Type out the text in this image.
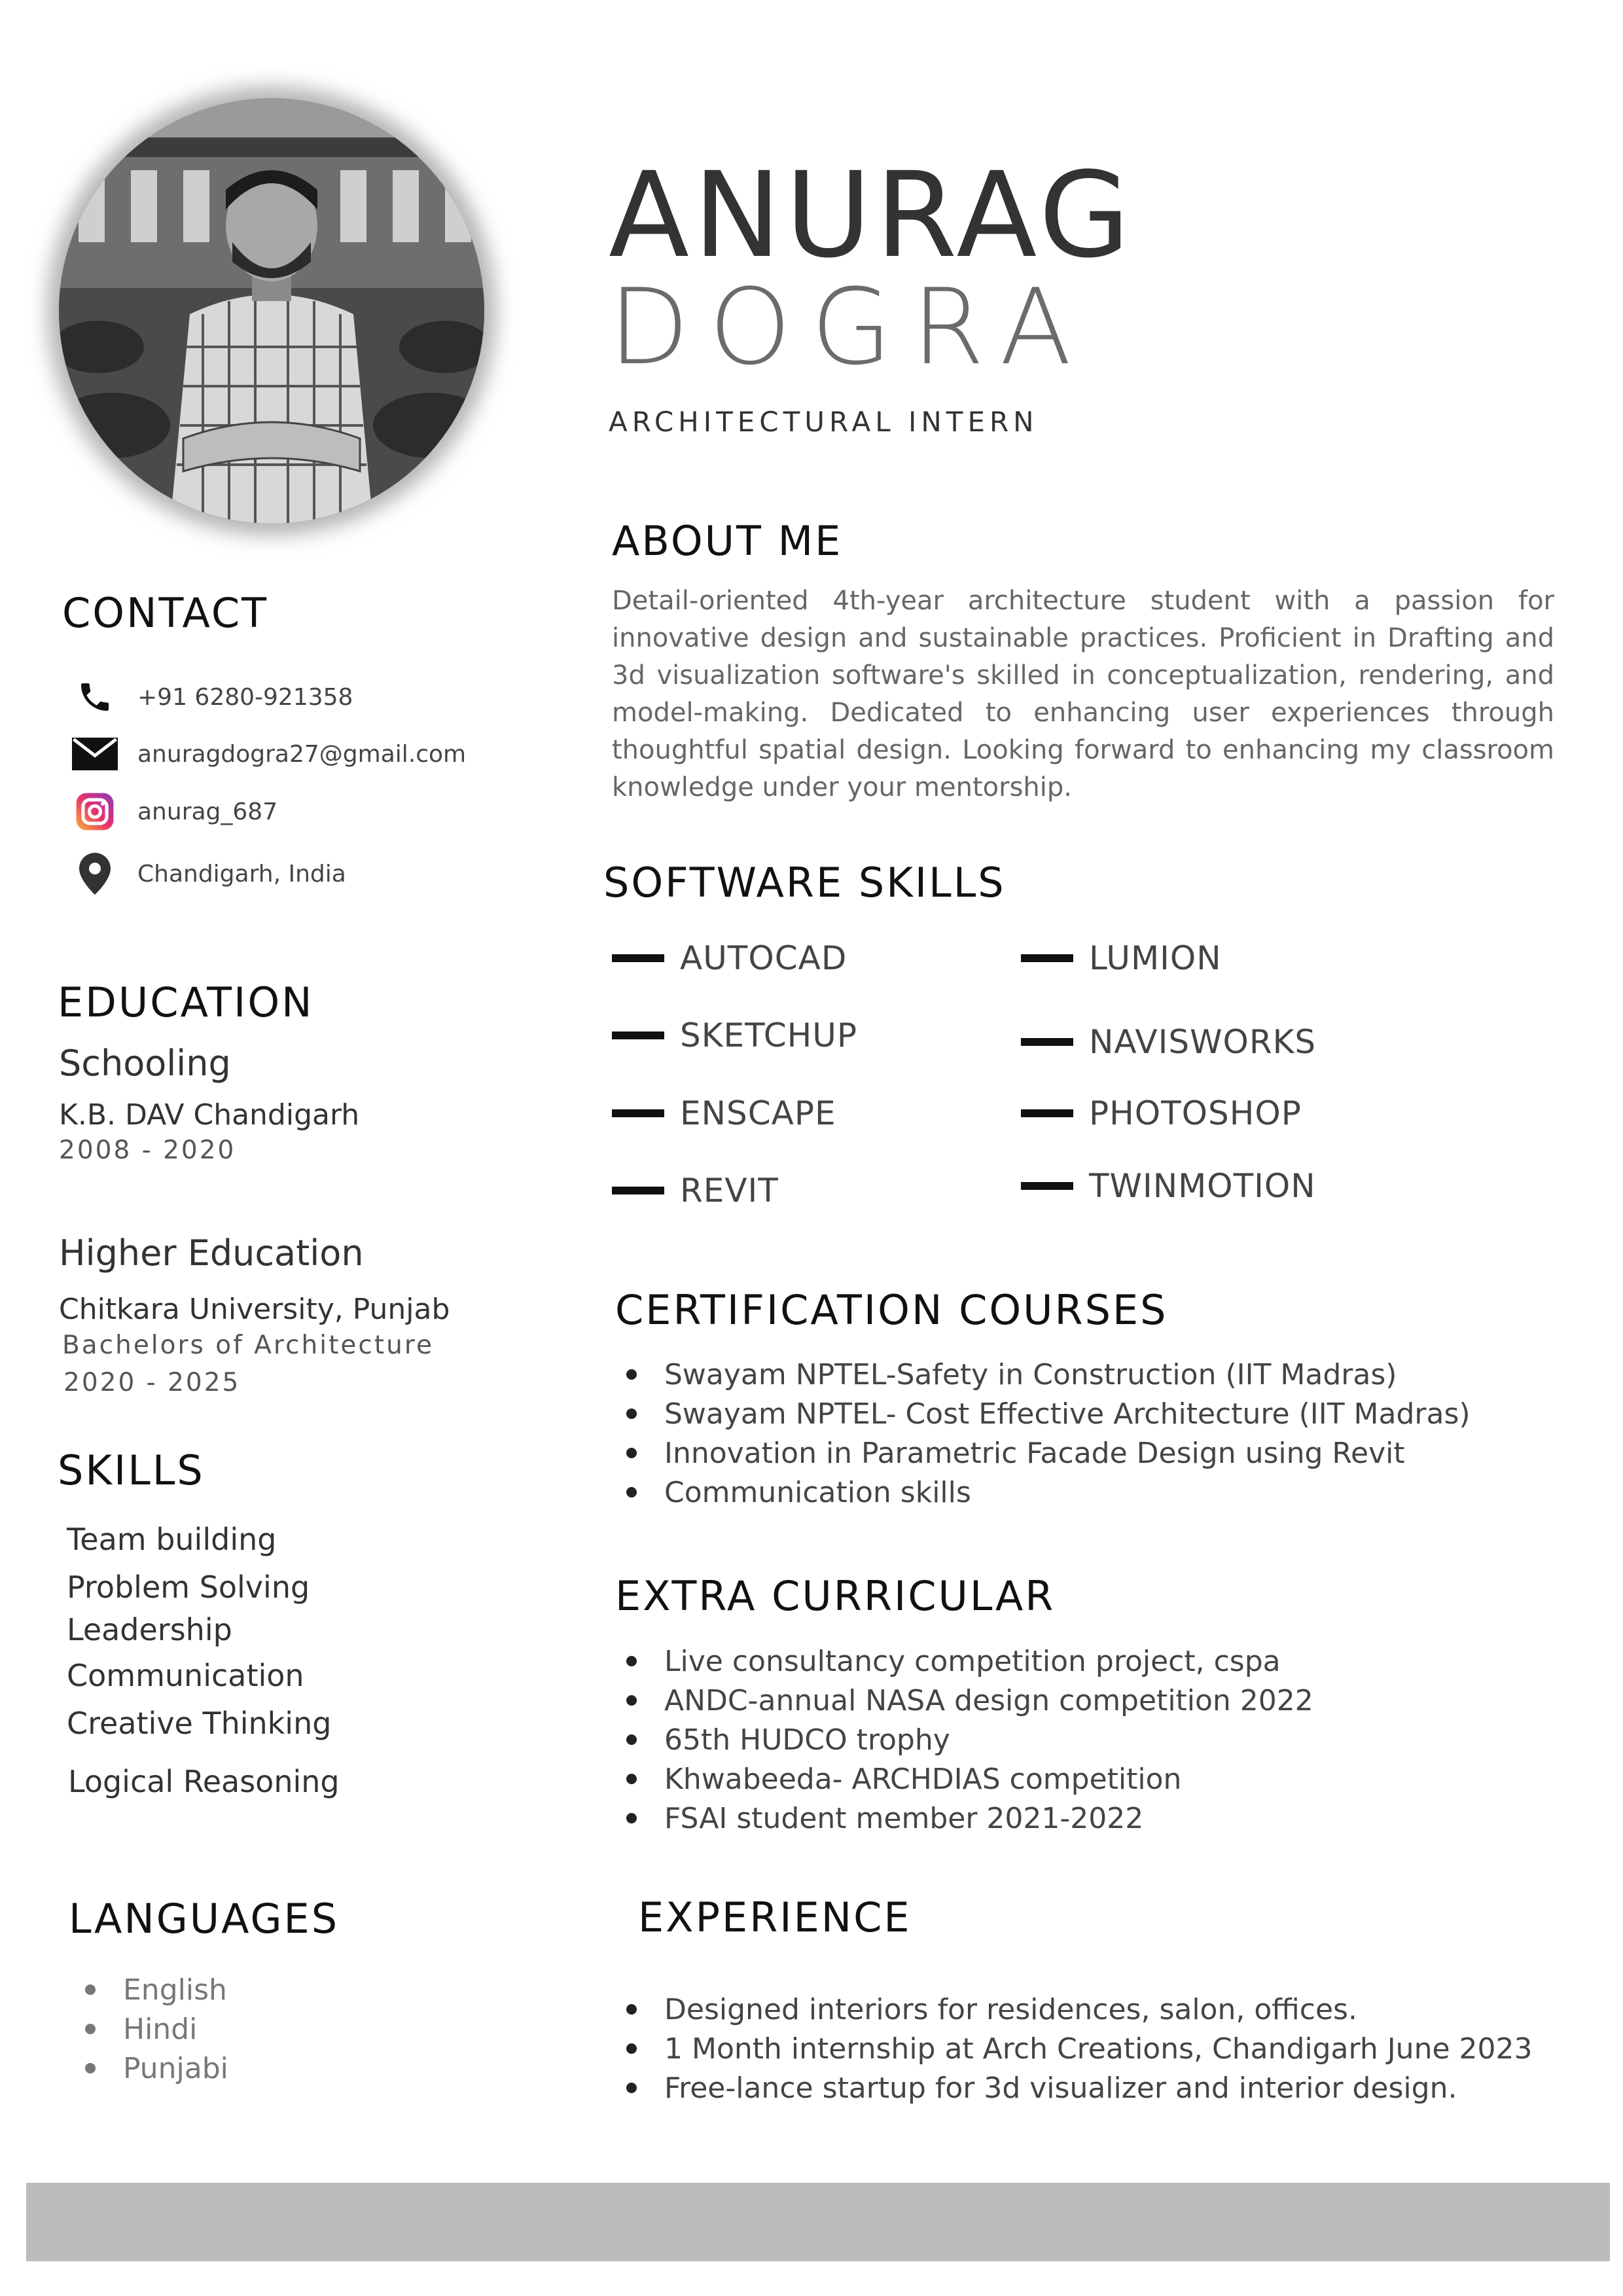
ANURAG
DOGRA
ARCHITECTURAL INTERN
ABOUT ME
Detail-oriented 4th-year architecture student with a passion for innovative design and sustainable practices. Proficient in Drafting and 3d visualization software's skilled in conceptualization, rendering, and model-making. Dedicated to enhancing user experiences through thoughtful spatial design. Looking forward to enhancing my classroom knowledge under your mentorship.
CONTACT
+91 6280-921358
anuragdogra27@gmail.com
anurag_687
Chandigarh, India
EDUCATION
Schooling
K.B. DAV Chandigarh
2008 - 2020
Higher Education
Chitkara University, Punjab
Bachelors of Architecture
2020 - 2025
SKILLS
Team building
Problem Solving
Leadership
Communication
Creative Thinking
Logical Reasoning
LANGUAGES
English
Hindi
Punjabi
SOFTWARE SKILLS
AUTOCAD
SKETCHUP
ENSCAPE
REVIT
LUMION
NAVISWORKS
PHOTOSHOP
TWINMOTION
CERTIFICATION COURSES
Swayam NPTEL-Safety in Construction (IIT Madras)
Swayam NPTEL- Cost Effective Architecture (IIT Madras)
Innovation in Parametric Facade Design using Revit
Communication skills
EXTRA CURRICULAR
Live consultancy competition project, cspa
ANDC-annual NASA design competition 2022
65th HUDCO trophy
Khwabeeda- ARCHDIAS competition
FSAI student member 2021-2022
EXPERIENCE
Designed interiors for residences, salon, offices.
1 Month internship at Arch Creations, Chandigarh June 2023
Free-lance startup for 3d visualizer and interior design.
